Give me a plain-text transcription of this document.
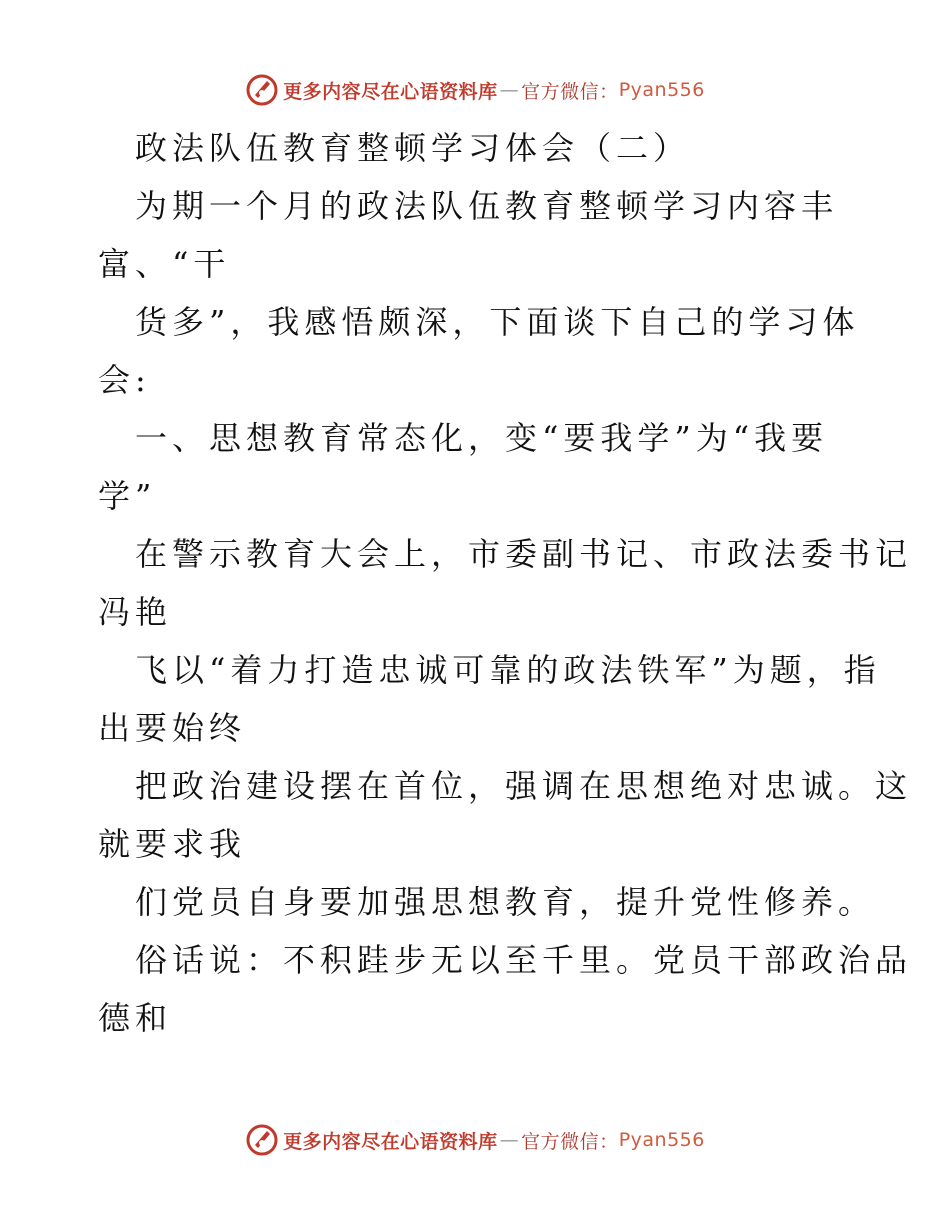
更多内容尽在心语资料库 — 官方微信： Pyan556
政法队伍教育整顿学习体会（二）
为期一个月的政法队伍教育整顿学习内容丰
富、“干
货多”，我感悟颇深，下面谈下自己的学习体
会:
一、思想教育常态化，变“要我学”为“我要
学”
在警示教育大会上，市委副书记、市政法委书记
冯艳
飞以“着力打造忠诚可靠的政法铁军”为题，指
出要始终
把政治建设摆在首位，强调在思想绝对忠诚。这
就要求我
们党员自身要加强思想教育，提升党性修养。
俗话说：不积跬步无以至千里。党员干部政治品
德和
更多内容尽在心语资料库 — 官方微信： Pyan556
